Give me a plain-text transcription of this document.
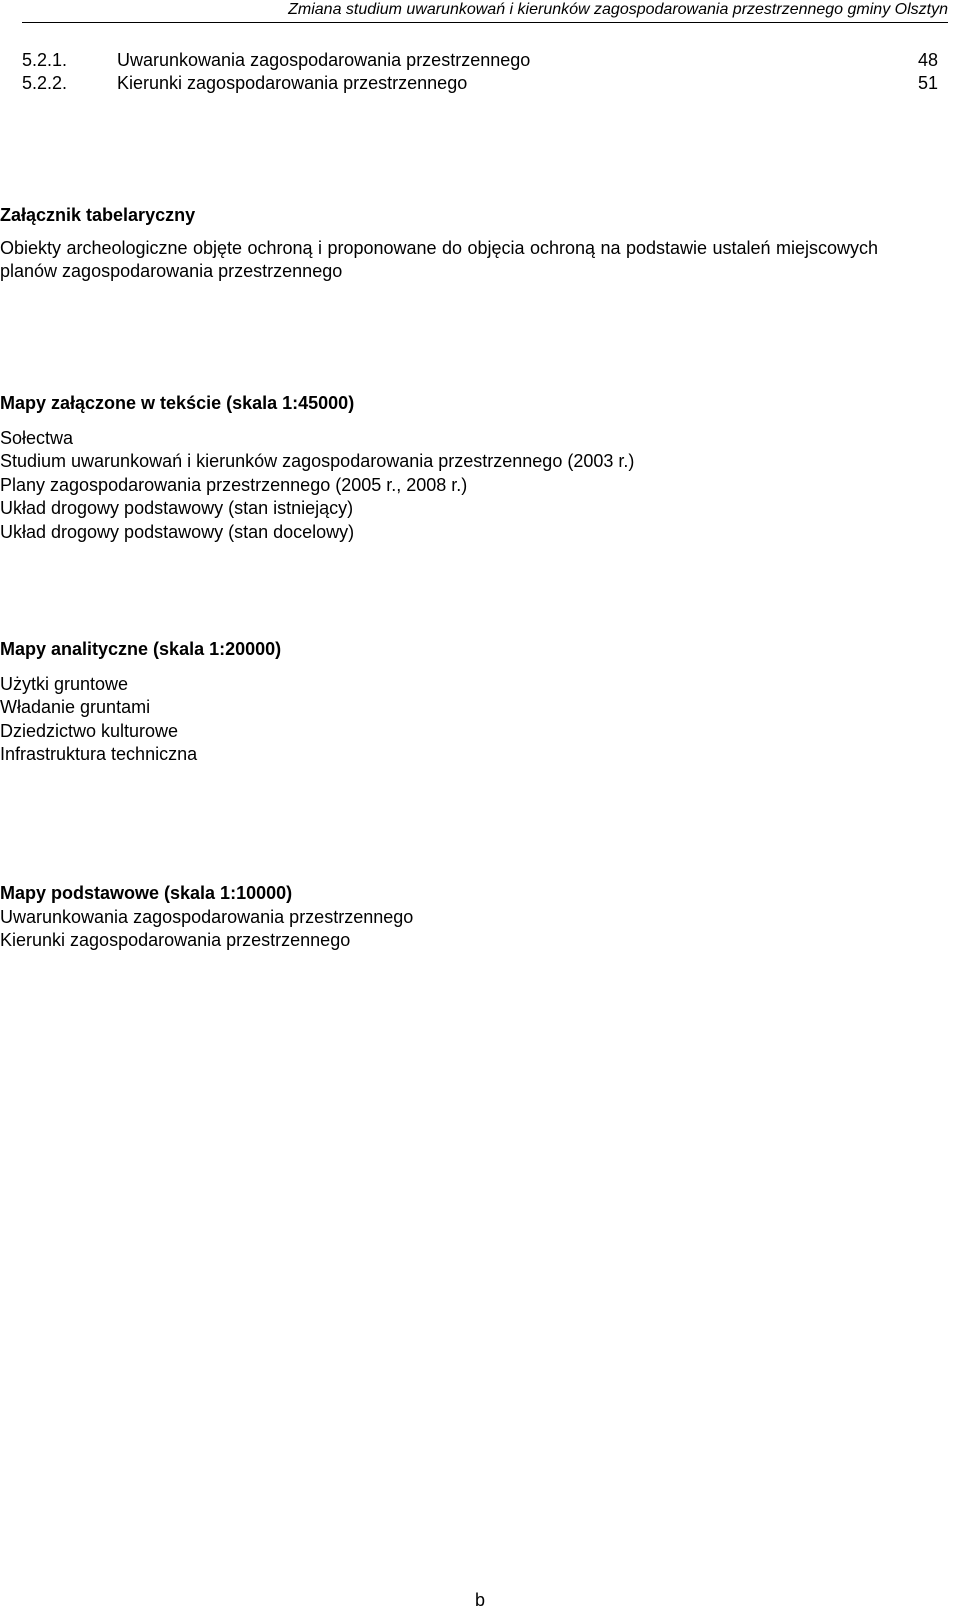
Zmiana studium uwarunkowań i kierunków zagospodarowania przestrzennego gminy Olsztyn
5.2.1.	Uwarunkowania zagospodarowania przestrzennego	48
5.2.2.	Kierunki zagospodarowania przestrzennego	51
Załącznik tabelaryczny
Obiekty archeologiczne objęte ochroną i proponowane do objęcia ochroną na podstawie ustaleń miejscowych planów zagospodarowania przestrzennego
Mapy załączone w tekście (skala 1:45000)
Sołectwa
Studium uwarunkowań i kierunków zagospodarowania przestrzennego (2003 r.)
Plany zagospodarowania przestrzennego (2005 r., 2008 r.)
Układ drogowy podstawowy (stan istniejący)
Układ drogowy podstawowy (stan docelowy)
Mapy analityczne (skala 1:20000)
Użytki gruntowe
Władanie gruntami
Dziedzictwo kulturowe
Infrastruktura techniczna
Mapy podstawowe (skala 1:10000)
Uwarunkowania zagospodarowania przestrzennego
Kierunki zagospodarowania przestrzennego
b
